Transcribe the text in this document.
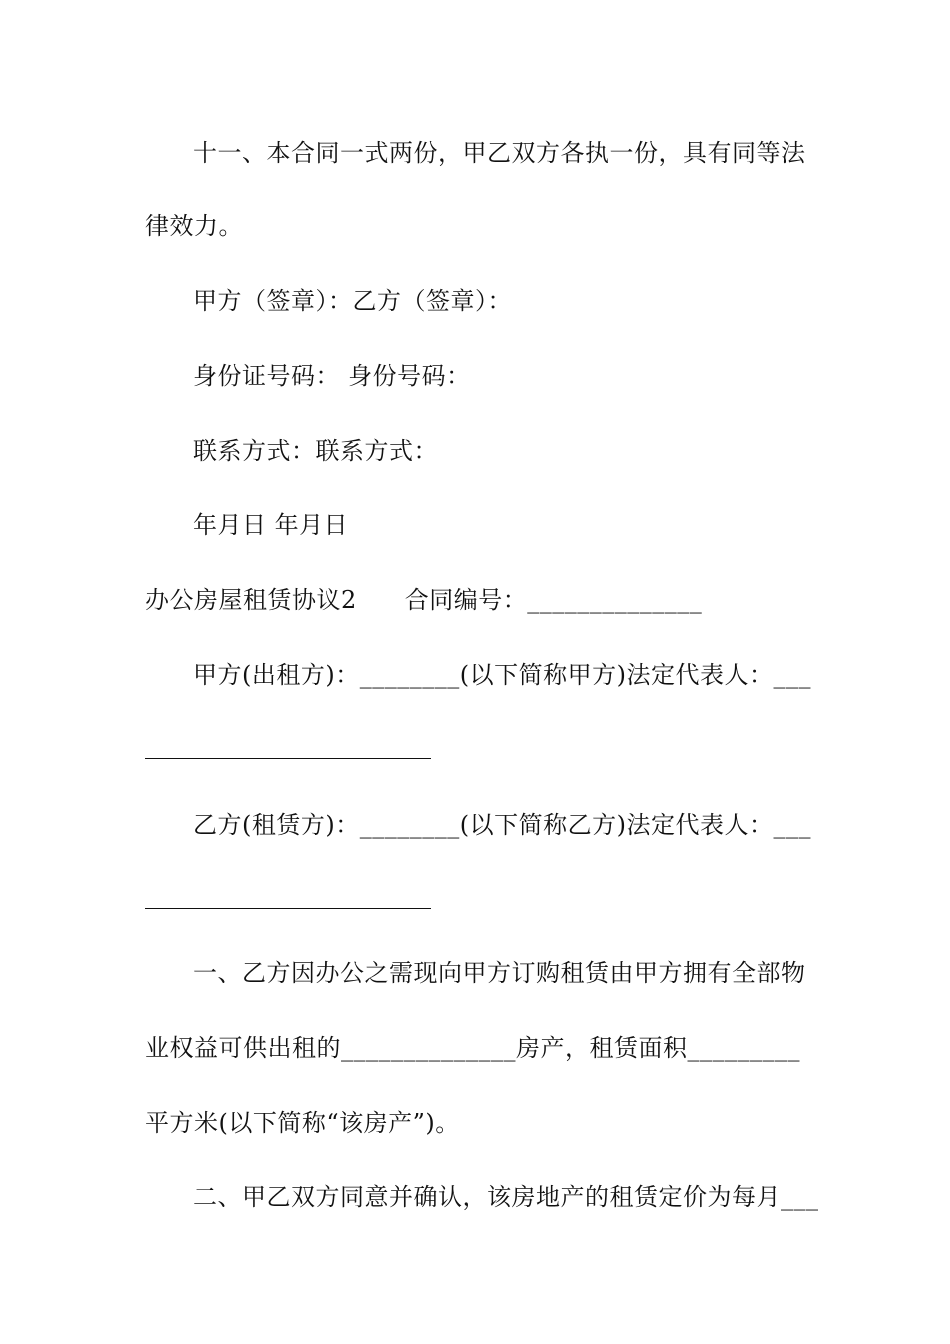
十一、本合同一式两份，甲乙双方各执一份，具有同等法
律效力。
甲方（签章）：乙方（签章）：
身份证号码： 身份号码：
联系方式：联系方式：
年月日 年月日
办公房屋租赁协议2 合同编号：______________
甲方(出租方)：________(以下简称甲方)法定代表人：___
乙方(租赁方)：________(以下简称乙方)法定代表人：___
一、乙方因办公之需现向甲方订购租赁由甲方拥有全部物
业权益可供出租的______________房产，租赁面积_________
平方米(以下简称“该房产”)。
二、甲乙双方同意并确认，该房地产的租赁定价为每月___
